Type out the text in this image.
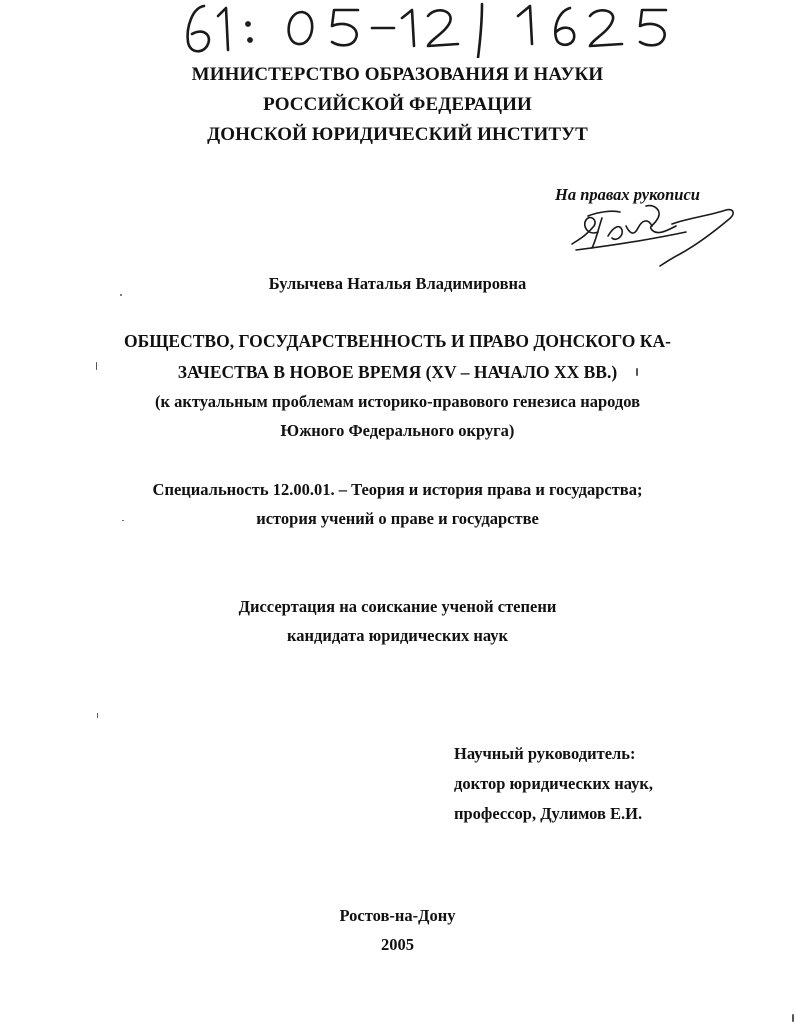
МИНИСТЕРСТВО ОБРАЗОВАНИЯ И НАУКИ
РОССИЙСКОЙ ФЕДЕРАЦИИ
ДОНСКОЙ ЮРИДИЧЕСКИЙ ИНСТИТУТ
На правах рукописи
Булычева Наталья Владимировна
ОБЩЕСТВО, ГОСУДАРСТВЕННОСТЬ И ПРАВО ДОНСКОГО КА-
ЗАЧЕСТВА В НОВОЕ ВРЕМЯ (XV – НАЧАЛО XX ВВ.)
(к актуальным проблемам историко-правового генезиса народов
Южного Федерального округа)
Специальность 12.00.01. – Теория и история права и государства;
история учений о праве и государстве
Диссертация на соискание ученой степени
кандидата юридических наук
Научный руководитель:
доктор юридических наук,
профессор, Дулимов Е.И.
Ростов-на-Дону
2005
